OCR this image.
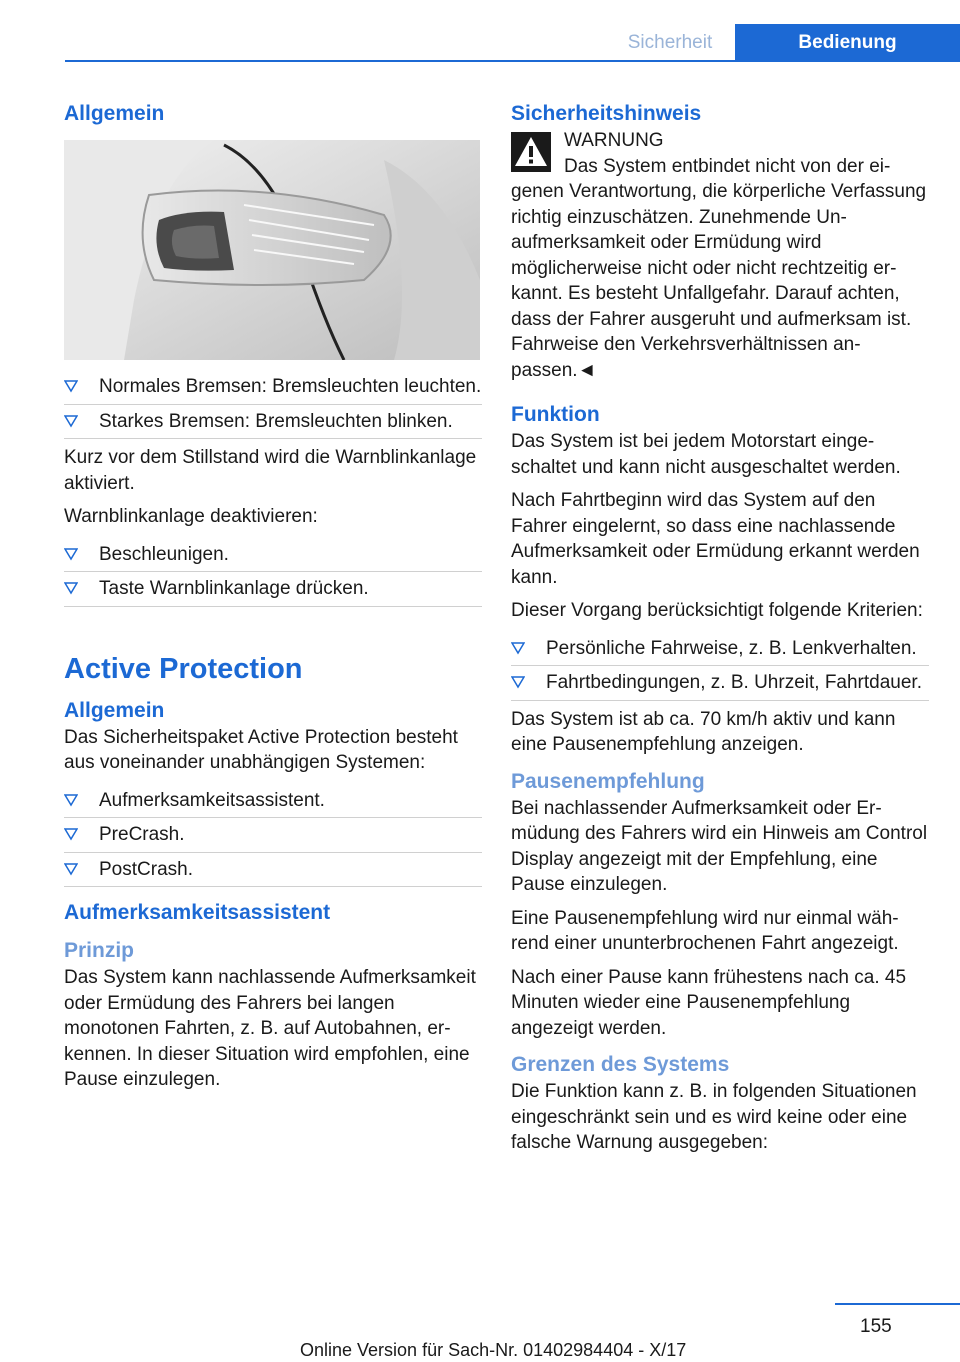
Sicherheit	Bedienung
Allgemein
Normales Bremsen: Bremsleuchten leuchten.
Starkes Bremsen: Bremsleuchten blinken.

Kurz vor dem Stillstand wird die Warnblinkanlage aktiviert.

Warnblinkanlage deaktivieren:

Beschleunigen.
Taste Warnblinkanlage drücken.
Active Protection
Allgemein

Das Sicherheitspaket Active Protection besteht aus voneinander unabhängigen Systemen:

Aufmerksamkeitsassistent.
PreCrash.
PostCrash.
Aufmerksamkeitsassistent
Prinzip

Das System kann nachlassende Aufmerksamkeit oder Ermüdung des Fahrers bei langen monotonen Fahrten, z. B. auf Autobahnen, erkennen. In dieser Situation wird empfohlen, eine Pause einzulegen.

Sicherheitshinweis

WARNUNG

Das System entbindet nicht von der eigenen Verantwortung, die körperliche Verfassung richtig einzuschätzen. Zunehmende Unaufmerksamkeit oder Ermüdung wird möglicherweise nicht oder nicht rechtzeitig erkannt. Es besteht Unfallgefahr. Darauf achten, dass der Fahrer ausgeruht und aufmerksam ist. Fahrweise den Verkehrsverhältnissen anpassen.◄

Funktion

Das System ist bei jedem Motorstart eingeschaltet und kann nicht ausgeschaltet werden.

Nach Fahrtbeginn wird das System auf den Fahrer eingelernt, so dass eine nachlassende Aufmerksamkeit oder Ermüdung erkannt werden kann.

Dieser Vorgang berücksichtigt folgende Kriterien:

Persönliche Fahrweise, z. B. Lenkverhalten.
Fahrtbedingungen, z. B. Uhrzeit, Fahrtdauer.

Das System ist ab ca. 70 km/h aktiv und kann eine Pausenempfehlung anzeigen.

Pausenempfehlung

Bei nachlassender Aufmerksamkeit oder Ermüdung des Fahrers wird ein Hinweis am Control Display angezeigt mit der Empfehlung, eine Pause einzulegen.

Eine Pausenempfehlung wird nur einmal während einer ununterbrochenen Fahrt angezeigt.

Nach einer Pause kann frühestens nach ca. 45 Minuten wieder eine Pausenempfehlung angezeigt werden.

Grenzen des Systems

Die Funktion kann z. B. in folgenden Situationen eingeschränkt sein und es wird keine oder eine falsche Warnung ausgegeben:

155
Online Version für Sach-Nr. 01402984404 - X/17
